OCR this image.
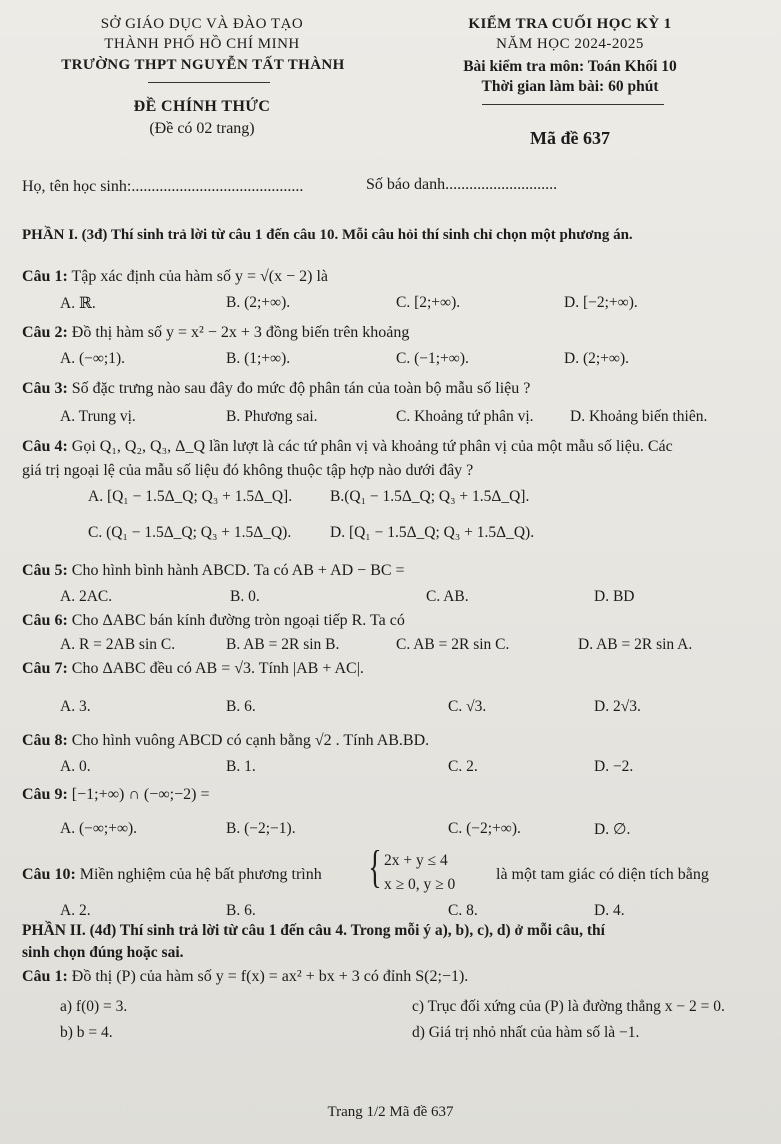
SỞ GIÁO DỤC VÀ ĐÀO TẠO
THÀNH PHỐ HỒ CHÍ MINH
TRƯỜNG THPT NGUYỄN TẤT THÀNH
ĐỀ CHÍNH THỨC
(Đề có 02 trang)
KIỂM TRA CUỐI HỌC KỲ 1
NĂM HỌC 2024-2025
Bài kiểm tra môn: Toán Khối 10
Thời gian làm bài: 60 phút
Mã đề 637
Họ, tên học sinh:...........................................	Số báo danh............................
PHẦN I. (3đ) Thí sinh trả lời từ câu 1 đến câu 10. Mỗi câu hỏi thí sinh chỉ chọn một phương án.
Câu 1: Tập xác định của hàm số y = √(x − 2) là
A. ℝ.	B. (2;+∞).	C. [2;+∞).	D. [−2;+∞).
Câu 2: Đồ thị hàm số y = x² − 2x + 3 đồng biến trên khoảng
A. (−∞;1).	B. (1;+∞).	C. (−1;+∞).	D. (2;+∞).
Câu 3: Số đặc trưng nào sau đây đo mức độ phân tán của toàn bộ mẫu số liệu ?
A. Trung vị.	B. Phương sai.	C. Khoảng tứ phân vị. D. Khoảng biến thiên.
Câu 4: Gọi Q₁, Q₂, Q₃, Δ_Q lần lượt là các tứ phân vị và khoảng tứ phân vị của một mẫu số liệu. Các
giá trị ngoại lệ của mẫu số liệu đó không thuộc tập hợp nào dưới đây ?
A. [Q₁ − 1.5Δ_Q; Q₃ + 1.5Δ_Q]. B.(Q₁ − 1.5Δ_Q; Q₃ + 1.5Δ_Q].
C. (Q₁ − 1.5Δ_Q; Q₃ + 1.5Δ_Q).	D. [Q₁ − 1.5Δ_Q; Q₃ + 1.5Δ_Q).
Câu 5: Cho hình bình hành ABCD. Ta có AB + AD − BC =
A. 2AC.	B. 0.	C. AB.	D. BD
Câu 6: Cho ΔABC bán kính đường tròn ngoại tiếp R. Ta có
A. R = 2AB sin C.	B. AB = 2R sin B.	C. AB = 2R sin C.	D. AB = 2R sin A.
Câu 7: Cho ΔABC đều có AB = √3. Tính |AB + AC|.
A. 3.	B. 6.	C. √3.	D. 2√3.
Câu 8: Cho hình vuông ABCD có cạnh bằng √2 . Tính AB.BD.
A. 0.	B. 1.	C. 2.	D. −2.
Câu 9: [−1;+∞) ∩ (−∞;−2) =
A. (−∞;+∞).	B. (−2;−1).	C. (−2;+∞).	D. ∅.
Câu 10: Miền nghiệm của hệ bất phương trình { 2x + y ≤ 4
x ≥ 0, y ≥ 0
là một tam giác có diện tích bằng
A. 2.	B. 6.	C. 8.	D. 4.
PHẦN II. (4đ) Thí sinh trả lời từ câu 1 đến câu 4. Trong mỗi ý a), b), c), d) ở mỗi câu, thí
sinh chọn đúng hoặc sai.
Câu 1: Đồ thị (P) của hàm số y = f(x) = ax² + bx + 3 có đỉnh S(2;−1).
a) f(0) = 3.	c) Trục đối xứng của (P) là đường thẳng x − 2 = 0.
b) b = 4.	d) Giá trị nhỏ nhất của hàm số là −1.
Trang 1/2 Mã đề 637
